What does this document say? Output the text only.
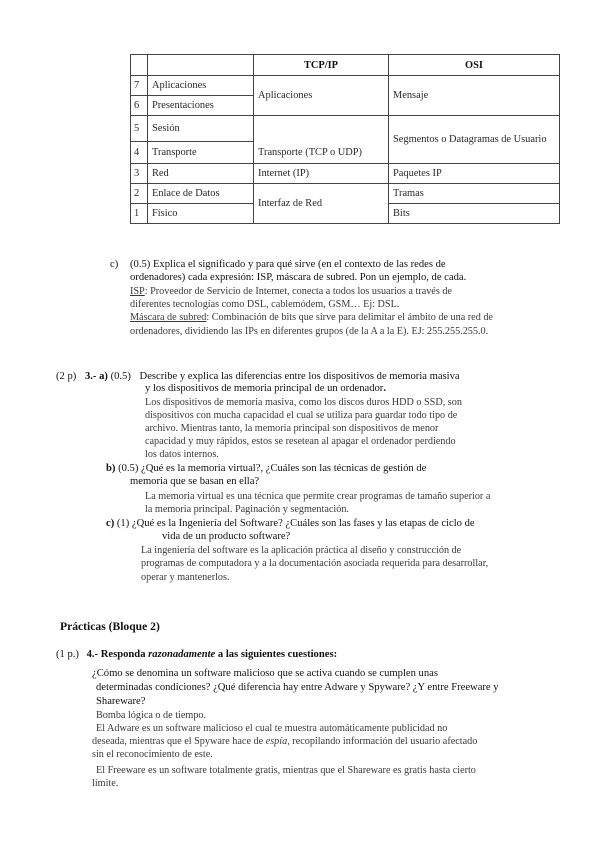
		TCP/IP	OSI
7	Aplicaciones	Aplicaciones	Mensaje
6	Presentaciones		
5	Sesión		
4	Transporte	Transporte (TCP o UDP)	Segmentos o Datagramas de Usuario
3	Red	Internet (IP)	Paquetes IP
2	Enlace de Datos	Interfaz de Red	Tramas
1	Físico		Bits
c) (0.5) Explica el significado y para qué sirve (en el contexto de las redes de
ordenadores) cada expresión: ISP, máscara de subred. Pon un ejemplo, de cada.
ISP: Proveedor de Servicio de Internet, conecta a todos los usuarios a través de
diferentes tecnologías como DSL, cablemódem, GSM… Ej: DSL.
Máscara de subred: Combinación de bits que sirve para delimitar el ámbito de una red de
ordenadores, dividiendo las IPs en diferentes grupos (de la A a la E). EJ: 255.255.255.0.
(2 p) 3.- a) (0.5) Describe y explica las diferencias entre los dispositivos de memoria masiva
y los dispositivos de memoria principal de un ordenador.
Los dispositivos de memoria masiva, como los discos duros HDD o SSD, son
dispositivos con mucha capacidad el cual se utiliza para guardar todo tipo de
archivo. Mientras tanto, la memoria principal son dispositivos de menor
capacidad y muy rápidos, estos se resetean al apagar el ordenador perdiendo
los datos internos.
b) (0.5) ¿Qué es la memoria virtual?, ¿Cuáles son las técnicas de gestión de
memoria que se basan en ella?
La memoria virtual es una técnica que permite crear programas de tamaño superior a
la memoria principal. Paginación y segmentación.
c) (1) ¿Qué es la Ingeniería del Software? ¿Cuáles son las fases y las etapas de ciclo de
vida de un producto software?
La ingeniería del software es la aplicación práctica al diseño y construcción de
programas de computadora y a la documentación asociada requerida para desarrollar,
operar y mantenerlos.
Prácticas (Bloque 2)
(1 p.) 4.- Responda razonadamente a las siguientes cuestiones:
¿Cómo se denomina un software malicioso que se activa cuando se cumplen unas
determinadas condiciones? ¿Qué diferencia hay entre Adware y Spyware? ¿Y entre Freeware y
Shareware?
Bomba lógica o de tiempo.
El Adware es un software malicioso el cual te muestra automáticamente publicidad no
deseada, mientras que el Spyware hace de espía, recopilando información del usuario afectado
sin el reconocimiento de este.
El Freeware es un software totalmente gratis, mientras que el Shareware es gratis hasta cierto
límite.
